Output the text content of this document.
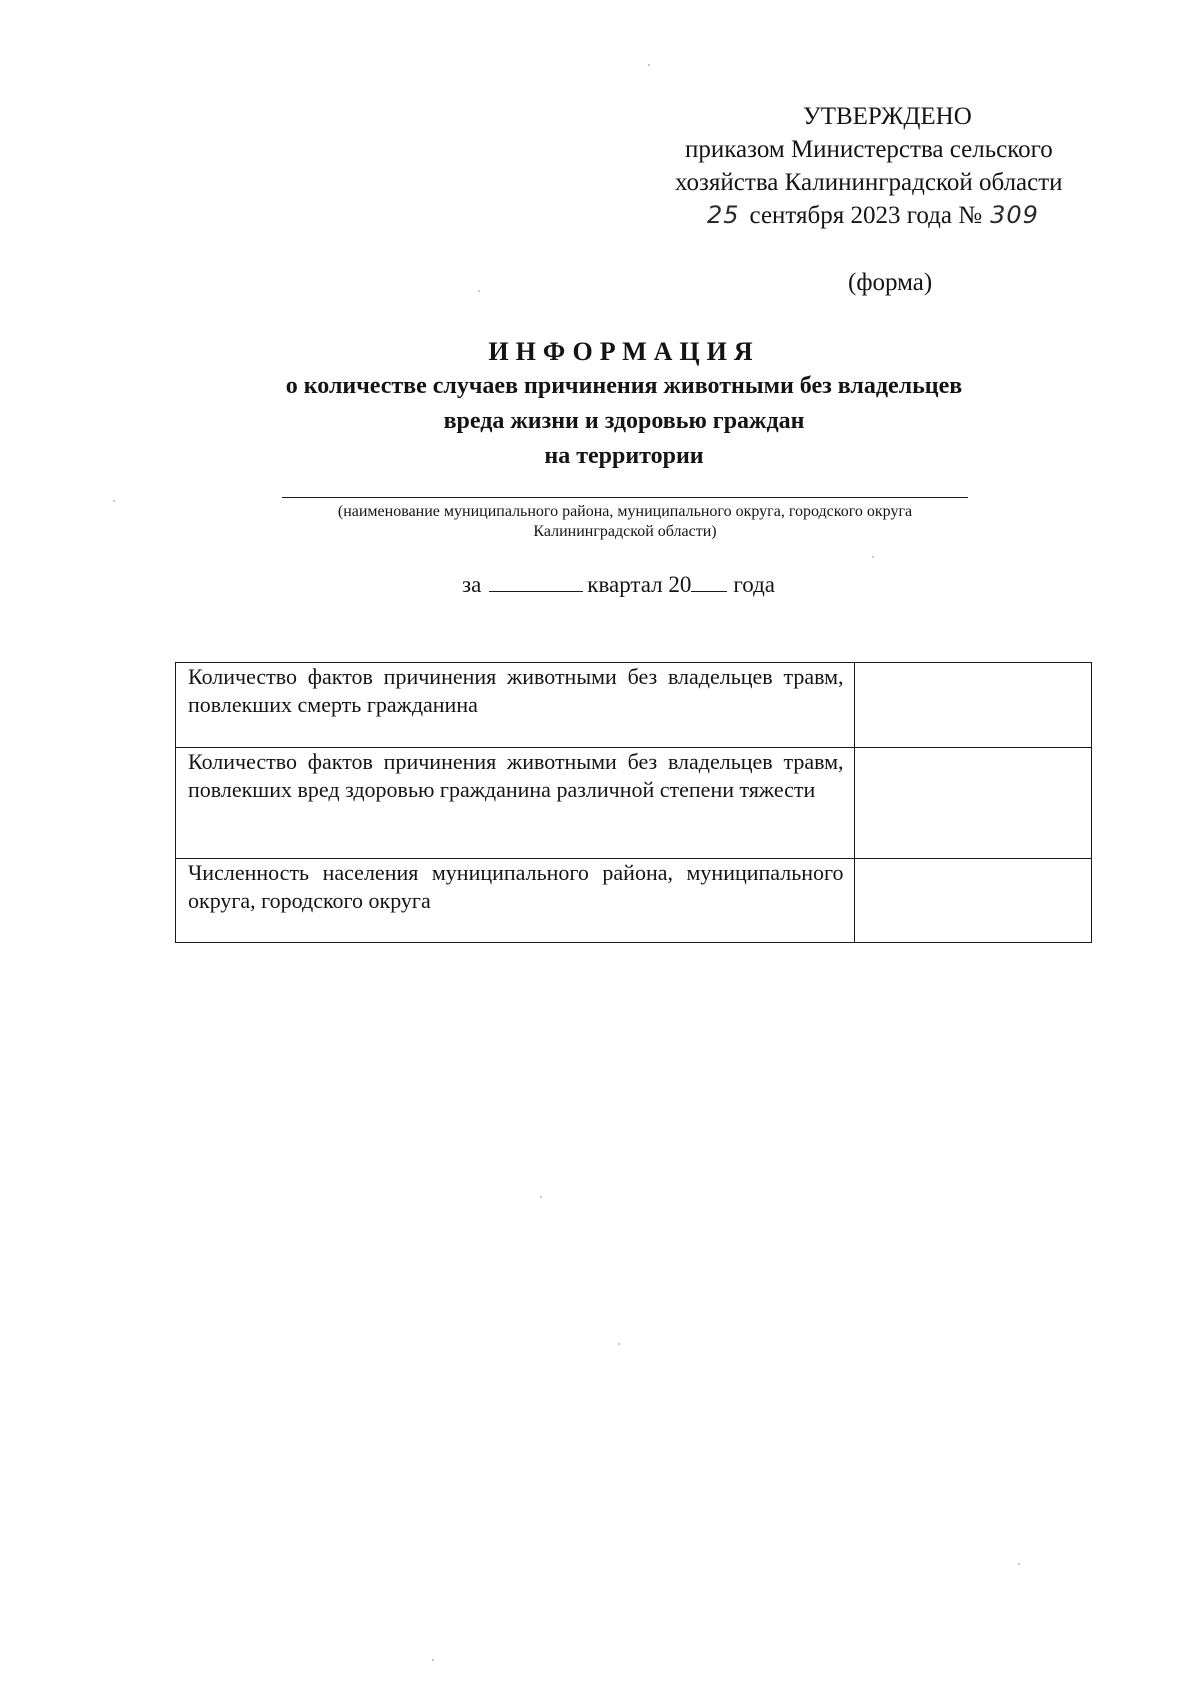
УТВЕРЖДЕНО
приказом Министерства сельского
хозяйства Калининградской области
25 сентября 2023 года № 309
(форма)
ИНФОРМАЦИЯ
о количестве случаев причинения животными без владельцев
вреда жизни и здоровью граждан
на территории
(наименование муниципального района, муниципального округа, городского округа
Калининградской области)
за	квартал 20 года
Количество фактов причинения животными без владельцев травм, повлекших смерть гражданина	

Количество фактов причинения животными без владельцев травм, повлекших вред здоровью гражданина различной степени тяжести	

Численность населения муниципального района, муниципального округа, городского округа	
